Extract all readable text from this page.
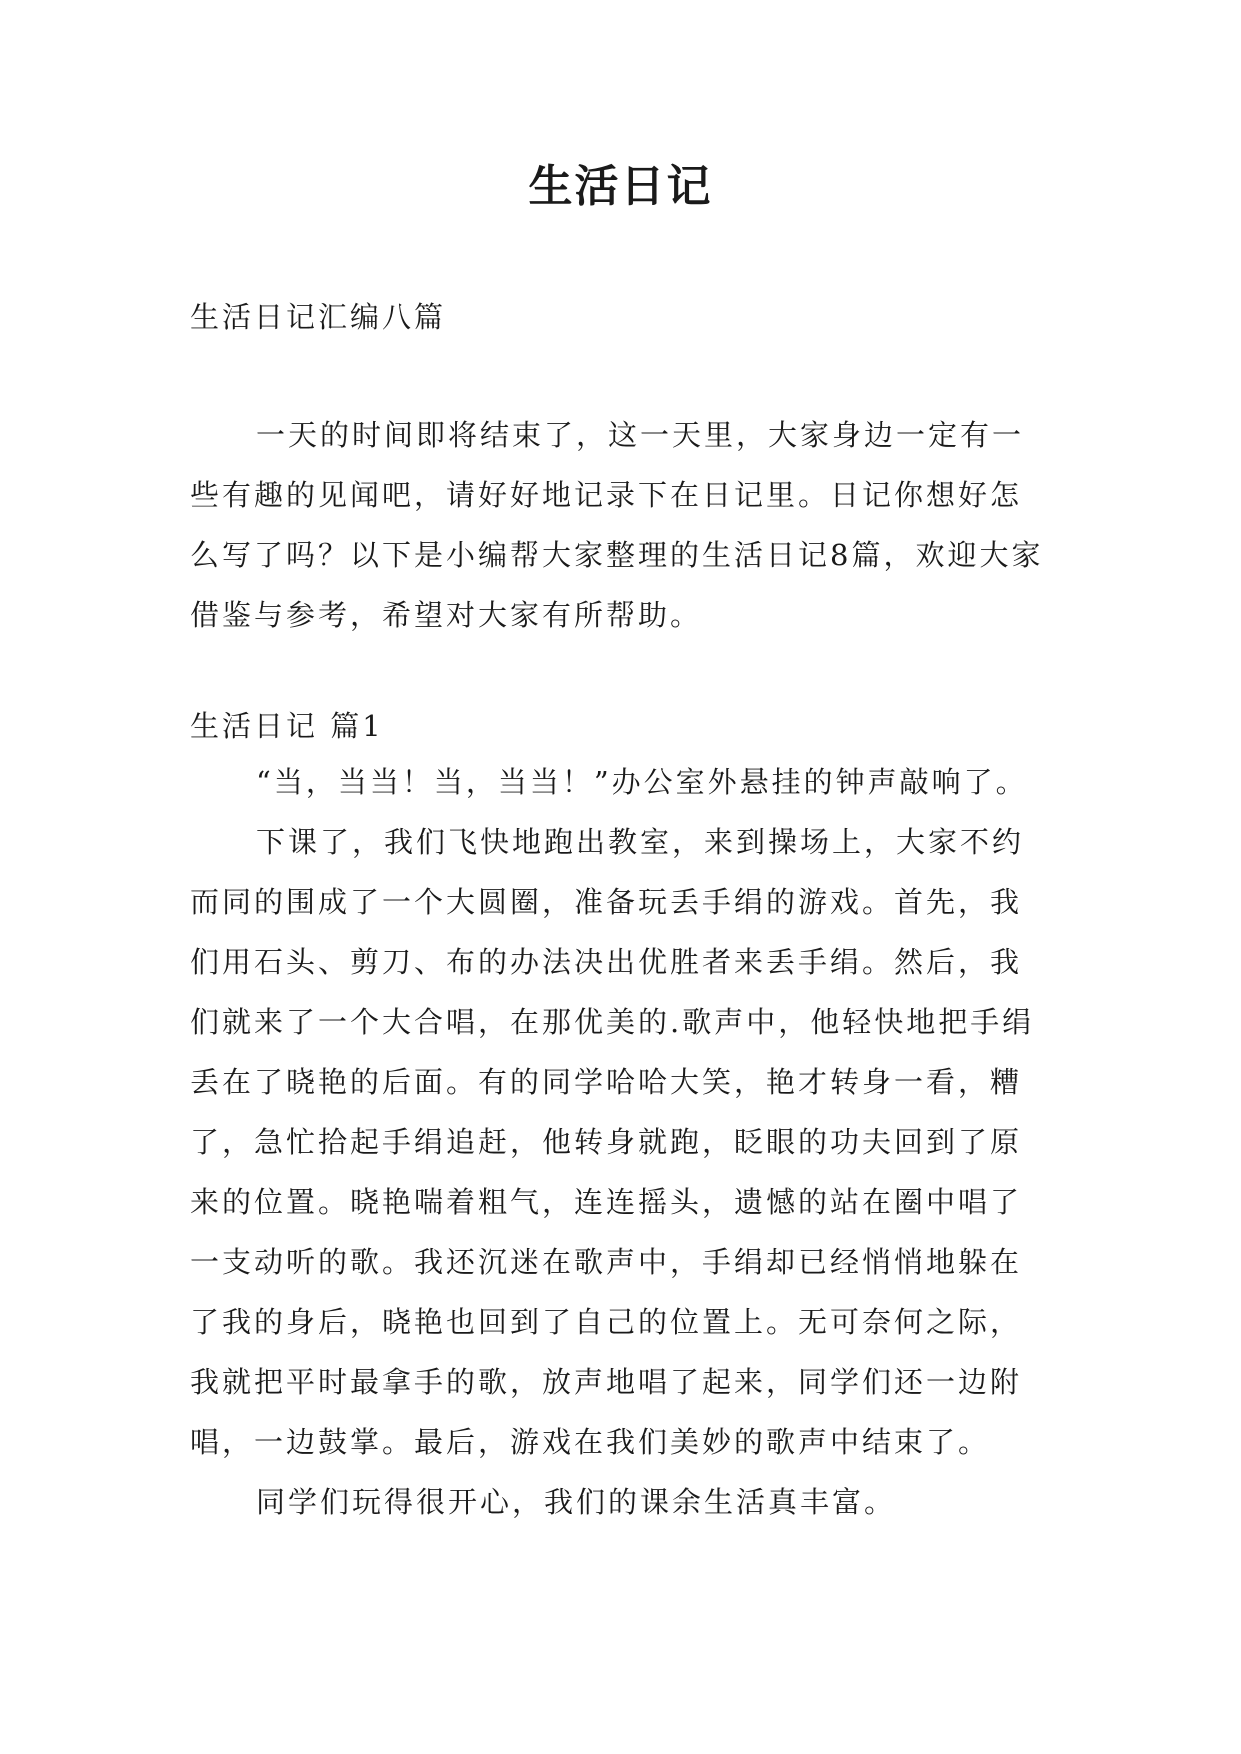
生活日记

生活日记汇编八篇

一天的时间即将结束了，这一天里，大家身边一定有一些有趣的见闻吧，请好好地记录下在日记里。日记你想好怎么写了吗？以下是小编帮大家整理的生活日记8篇，欢迎大家借鉴与参考，希望对大家有所帮助。

生活日记 篇1

“当，当当！当，当当！”办公室外悬挂的钟声敲响了。

下课了，我们飞快地跑出教室，来到操场上，大家不约而同的围成了一个大圆圈，准备玩丢手绢的游戏。首先，我们用石头、剪刀、布的办法决出优胜者来丢手绢。然后，我们就来了一个大合唱，在那优美的.歌声中，他轻快地把手绢丢在了晓艳的后面。有的同学哈哈大笑，艳才转身一看，糟了，急忙拾起手绢追赶，他转身就跑，眨眼的功夫回到了原来的位置。晓艳喘着粗气，连连摇头，遗憾的站在圈中唱了一支动听的歌。我还沉迷在歌声中，手绢却已经悄悄地躲在了我的身后，晓艳也回到了自己的位置上。无可奈何之际，我就把平时最拿手的歌，放声地唱了起来，同学们还一边附唱，一边鼓掌。最后，游戏在我们美妙的歌声中结束了。

同学们玩得很开心，我们的课余生活真丰富。
